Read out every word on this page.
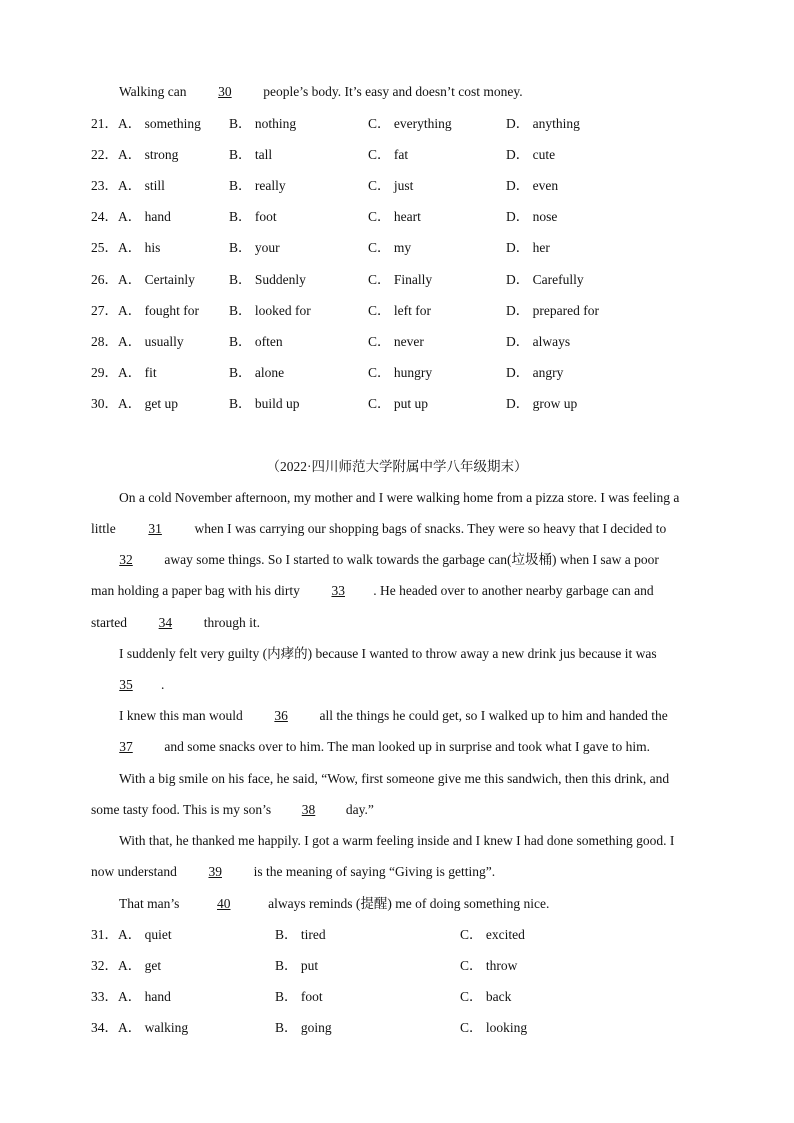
Walking can 30 people’s body. It’s easy and doesn’t cost money.
21． A． something B． nothing	C． everything	D． anything
22． A． strong	B． tall	C． fat	D． cute
23． A． still	B． really	C． just	D． even
24． A． hand	B． foot	C． heart	D． nose
25． A． his	B． your	C． my	D． her
26． A． Certainly	B． Suddenly	C． Finally	D． Carefully
27． A． fought for B． looked for	C． left for	D． prepared for
28． A． usually	B． often	C． never	D． always
29． A． fit	B． alone	C． hungry	D． angry
30． A． get up	B． build up	C． put up	D． grow up
（2022·四川师范大学附属中学八年级期末）
On a cold November afternoon, my mother and I were walking home from a pizza store. I was feeling a
little 31 when I was carrying our shopping bags of snacks. They were so heavy that I decided to
32 away some things. So I started to walk towards the garbage can(垃圾桶) when I saw a poor
man holding a paper bag with his dirty 33 . He headed over to another nearby garbage can and
started 34 through it.
I suddenly felt very guilty (内痚的) because I wanted to throw away a new drink jus because it was
35 .
I knew this man would 36 all the things he could get, so I walked up to him and handed the
37 and some snacks over to him. The man looked up in surprise and took what I gave to him.
With a big smile on his face, he said, “Wow, first someone give me this sandwich, then this drink, and
some tasty food. This is my son’s 38 day.”
With that, he thanked me happily. I got a warm feeling inside and I knew I had done something good. I
now understand 39 is the meaning of saying “Giving is getting”.
That man’s	40	always reminds (提醒) me of doing something nice.
31． A． quiet	B． tired	C． excited
32． A． get	B． put	C． throw
33． A． hand	B． foot	C． back
34． A． walking	B． going	C． looking
